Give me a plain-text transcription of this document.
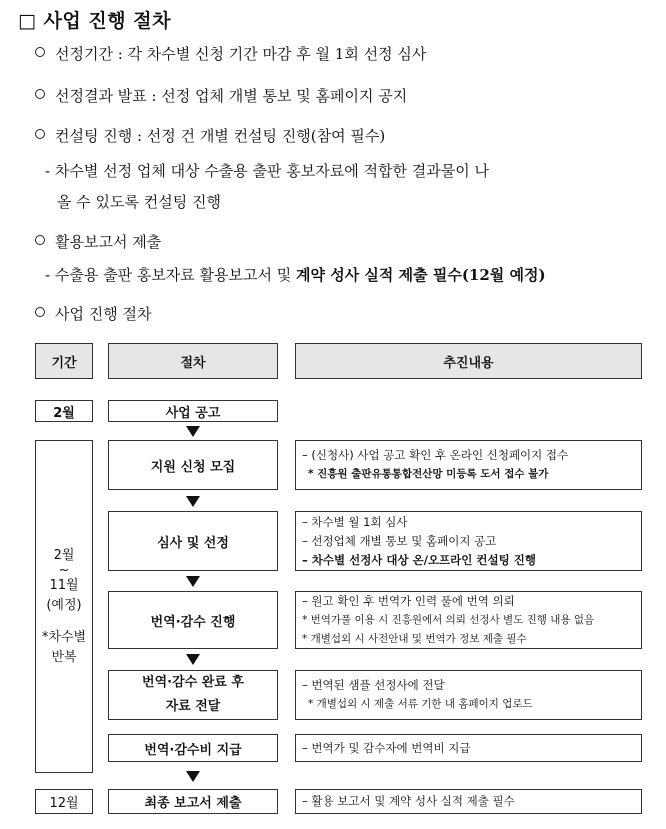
□ 사업 진행 절차
선정기간 : 각 차수별 신청 기간 마감 후 월 1회 선정 심사
선정결과 발표 : 선정 업체 개별 통보 및 홈페이지 공지
컨설팅 진행 : 선정 건 개별 컨설팅 진행(참여 필수)
- 차수별 선정 업체 대상 수출용 출판 홍보자료에 적합한 결과물이 나
올 수 있도록 컨설팅 진행
활용보고서 제출
- 수출용 출판 홍보자료 활용보고서 및 계약 성사 실적 제출 필수(12월 예정)
사업 진행 절차
기간	절차	추진내용
2월
2월
~
11월
(예정)
*차수별
반복
12월
사업 공고
지원 신청 모집
심사 및 선정
번역·감수 진행
번역·감수 완료 후
자료 전달
번역·감수비 지급
최종 보고서 제출
– (신청사) 사업 공고 확인 후 온라인 신청페이지 접수
* 진흥원 출판유통통합전산망 미등록 도서 접수 불가
– 차수별 월 1회 심사
– 선정업체 개별 통보 및 홈페이지 공고
– 차수별 선정사 대상 온/오프라인 컨설팅 진행
– 원고 확인 후 번역가 인력 풀에 번역 의뢰
* 번역가풀 이용 시 진흥원에서 의뢰 선정사 별도 진행 내용 없음
* 개별섭외 시 사전안내 및 번역가 정보 제출 필수
– 번역된 샘플 선정사에 전달
* 개별섭외 시 제출 서류 기한 내 홈페이지 업로드
– 번역가 및 감수자에 번역비 지급
– 활용 보고서 및 계약 성사 실적 제출 필수
